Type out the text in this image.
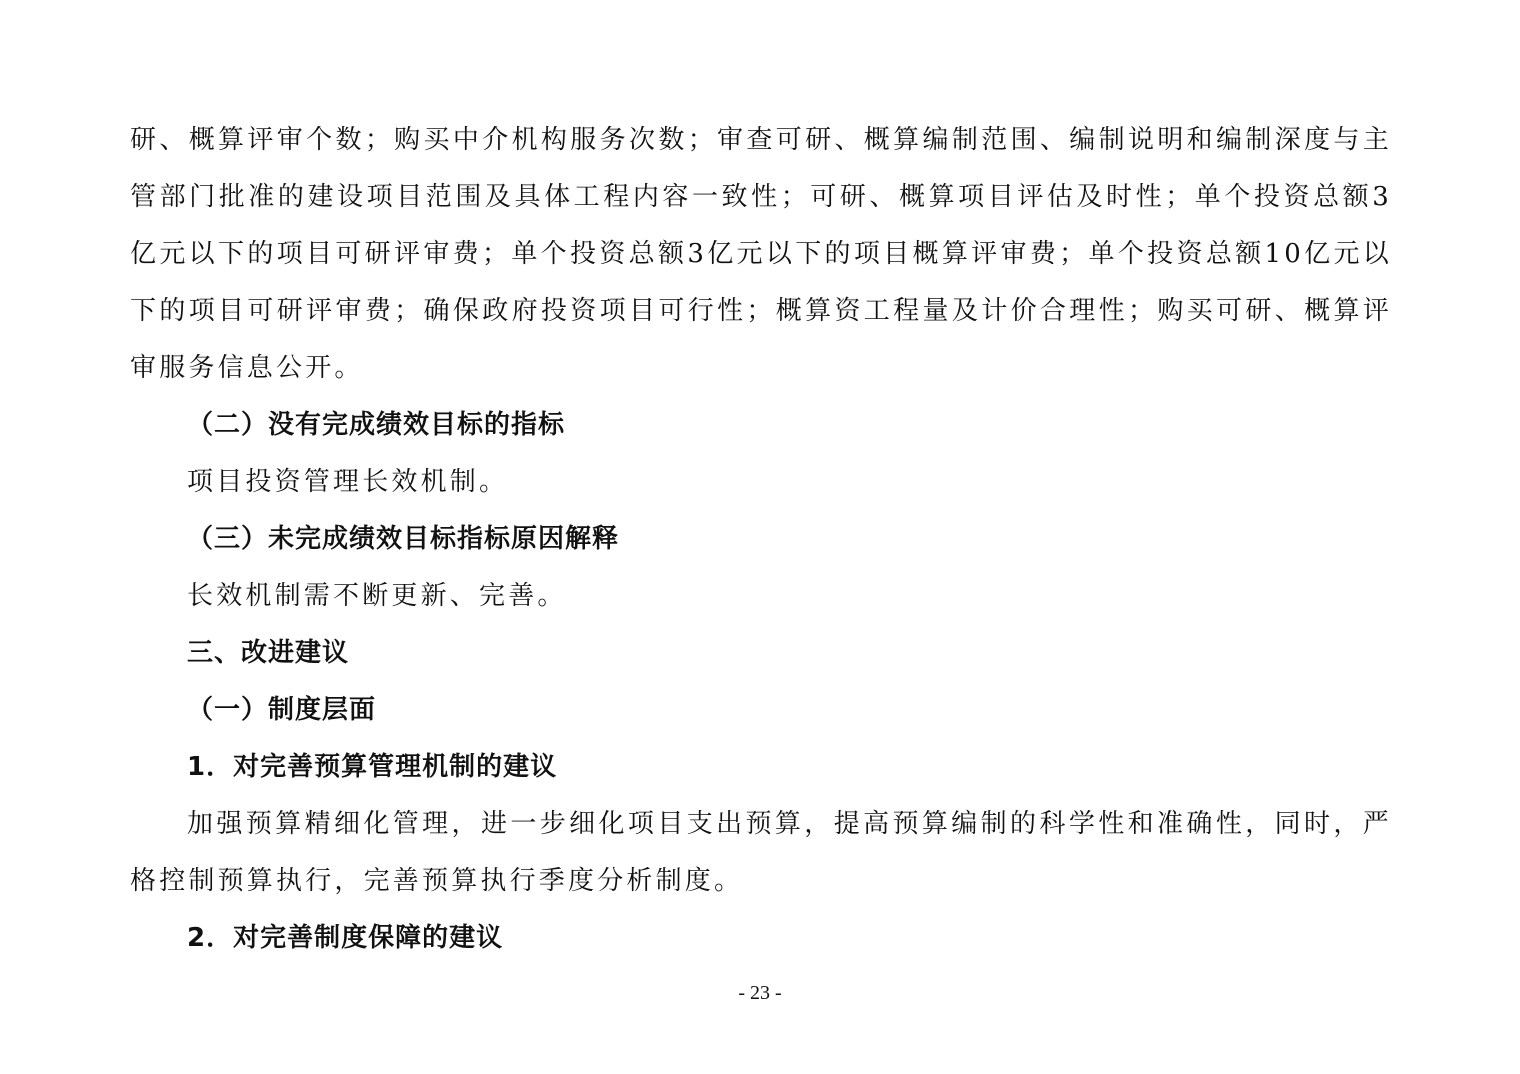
研、概算评审个数；购买中介机构服务次数；审查可研、概算编制范围、编制说明和编制深度与主管部门批准的建设项目范围及具体工程内容一致性；可研、概算项目评估及时性；单个投资总额3亿元以下的项目可研评审费；单个投资总额3亿元以下的项目概算评审费；单个投资总额10亿元以下的项目可研评审费；确保政府投资项目可行性；概算资工程量及计价合理性；购买可研、概算评审服务信息公开。

（二）没有完成绩效目标的指标

项目投资管理长效机制。

（三）未完成绩效目标指标原因解释

长效机制需不断更新、完善。

三、改进建议

（一）制度层面

1．对完善预算管理机制的建议

加强预算精细化管理，进一步细化项目支出预算，提高预算编制的科学性和准确性，同时，严格控制预算执行，完善预算执行季度分析制度。

2．对完善制度保障的建议

- 23 -
